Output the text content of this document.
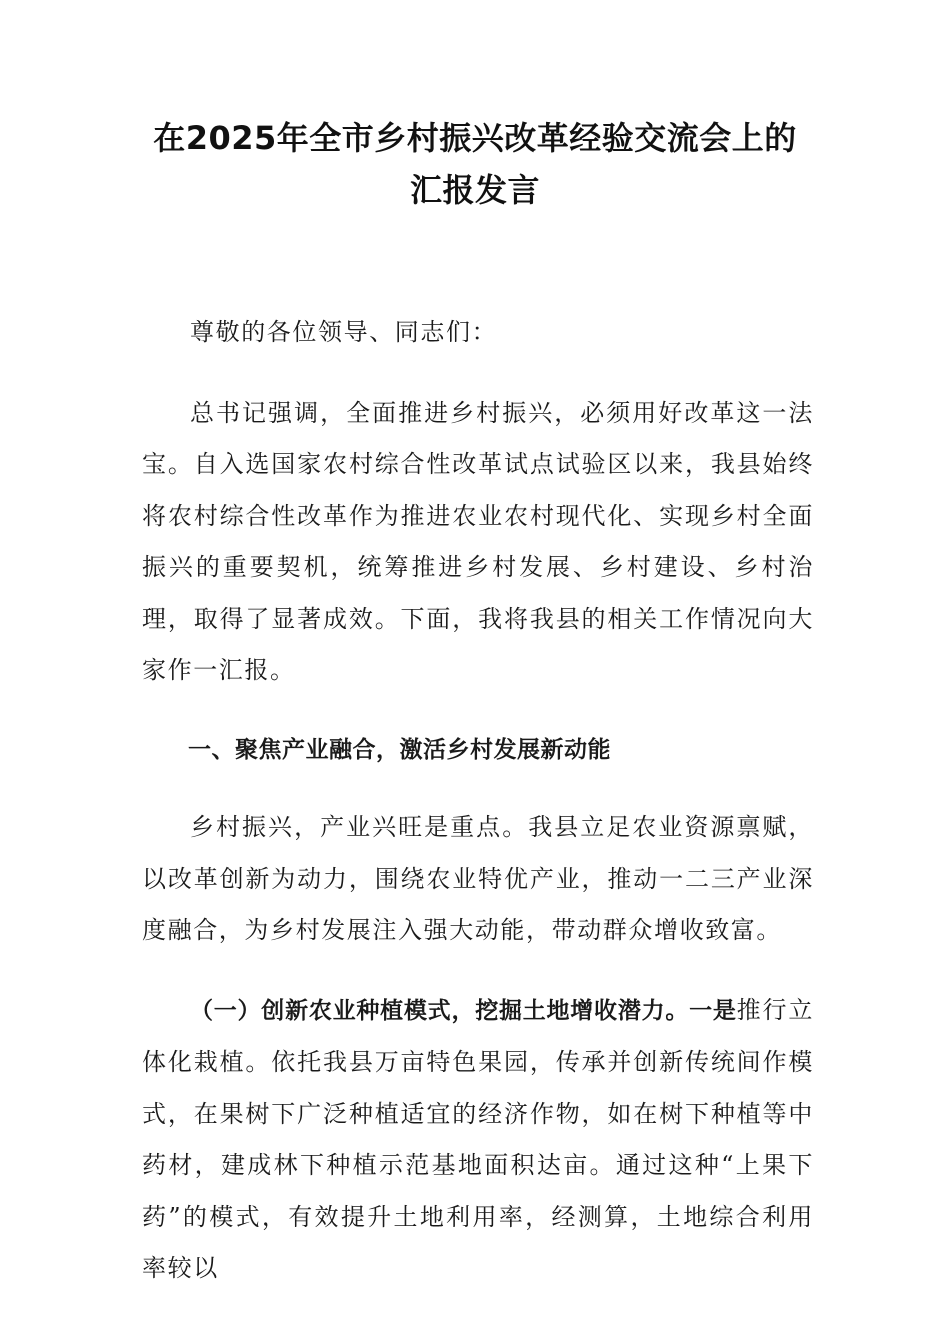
在2025年全市乡村振兴改革经验交流会上的
汇报发言

尊敬的各位领导、同志们：

总书记强调，全面推进乡村振兴，必须用好改革这一法宝。自入选国家农村综合性改革试点试验区以来，我县始终将农村综合性改革作为推进农业农村现代化、实现乡村全面振兴的重要契机，统筹推进乡村发展、乡村建设、乡村治理，取得了显著成效。下面，我将我县的相关工作情况向大家作一汇报。

一、聚焦产业融合，激活乡村发展新动能

乡村振兴，产业兴旺是重点。我县立足农业资源禀赋，以改革创新为动力，围绕农业特优产业，推动一二三产业深度融合，为乡村发展注入强大动能，带动群众增收致富。

（一）创新农业种植模式，挖掘土地增收潜力。一是推行立体化栽植。依托我县万亩特色果园，传承并创新传统间作模式，在果树下广泛种植适宜的经济作物，如在树下种植等中药材，建成林下种植示范基地面积达亩。通过这种“上果下药”的模式，有效提升土地利用率，经测算，土地综合利用率较以
